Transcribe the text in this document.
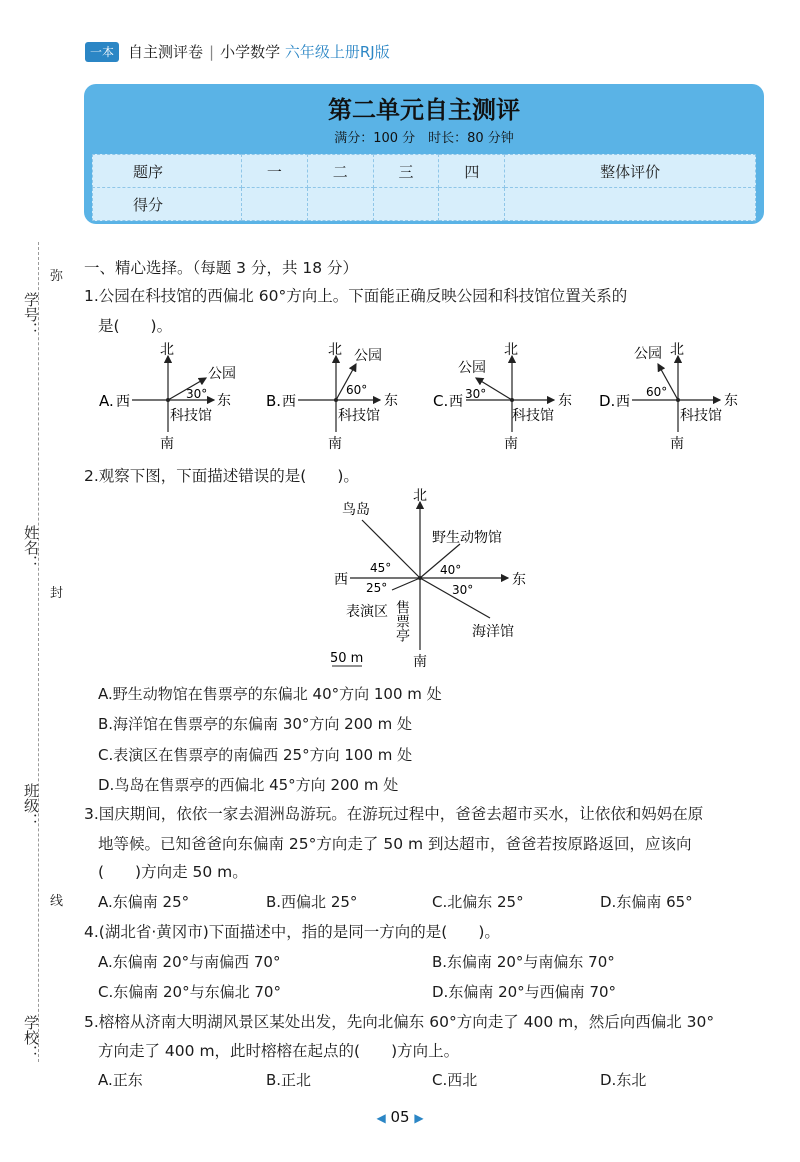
一本 自主测评卷 | 小学数学 六年级上册RJ版
第二单元自主测评
满分：100 分　时长：80 分钟
题序	一	二	三	四	整体评价
得分					
学号：
姓名：
班级：
学校：
弥
封
线
一、精心选择。（每题 3 分，共 18 分）
1.公园在科技馆的西偏北 60°方向上。下面能正确反映公园和科技馆位置关系的
是(　　)。
A. 西	东
北
南
公园
30°
科技馆
B. 西	东
北
南
公园
60°
科技馆
C. 西	东
北
南
公园
30°
科技馆
D. 西	东
北
南
公园
60°
科技馆
2.观察下图，下面描述错误的是(　　)。
北
南
西	东
鸟岛
野生动物馆
海洋馆
表演区
45°	40°
25°	30°
售票亭
50 m
A.野生动物馆在售票亭的东偏北 40°方向 100 m 处
B.海洋馆在售票亭的东偏南 30°方向 200 m 处
C.表演区在售票亭的南偏西 25°方向 100 m 处
D.鸟岛在售票亭的西偏北 45°方向 200 m 处
3.国庆期间，依依一家去湄洲岛游玩。在游玩过程中，爸爸去超市买水，让依依和妈妈在原
地等候。已知爸爸向东偏南 25°方向走了 50 m 到达超市，爸爸若按原路返回，应该向
(　　)方向走 50 m。
A.东偏南 25°	B.西偏北 25°	C.北偏东 25°	D.东偏南 65°
4.(湖北省·黄冈市)下面描述中，指的是同一方向的是(　　)。
A.东偏南 20°与南偏西 70°	B.东偏南 20°与南偏东 70°
C.东偏南 20°与东偏北 70°	D.东偏南 20°与西偏南 70°
5.榕榕从济南大明湖风景区某处出发，先向北偏东 60°方向走了 400 m，然后向西偏北 30°
方向走了 400 m，此时榕榕在起点的(　　)方向上。
A.正东	B.正北	C.西北	D.东北
◀ 05 ▶
